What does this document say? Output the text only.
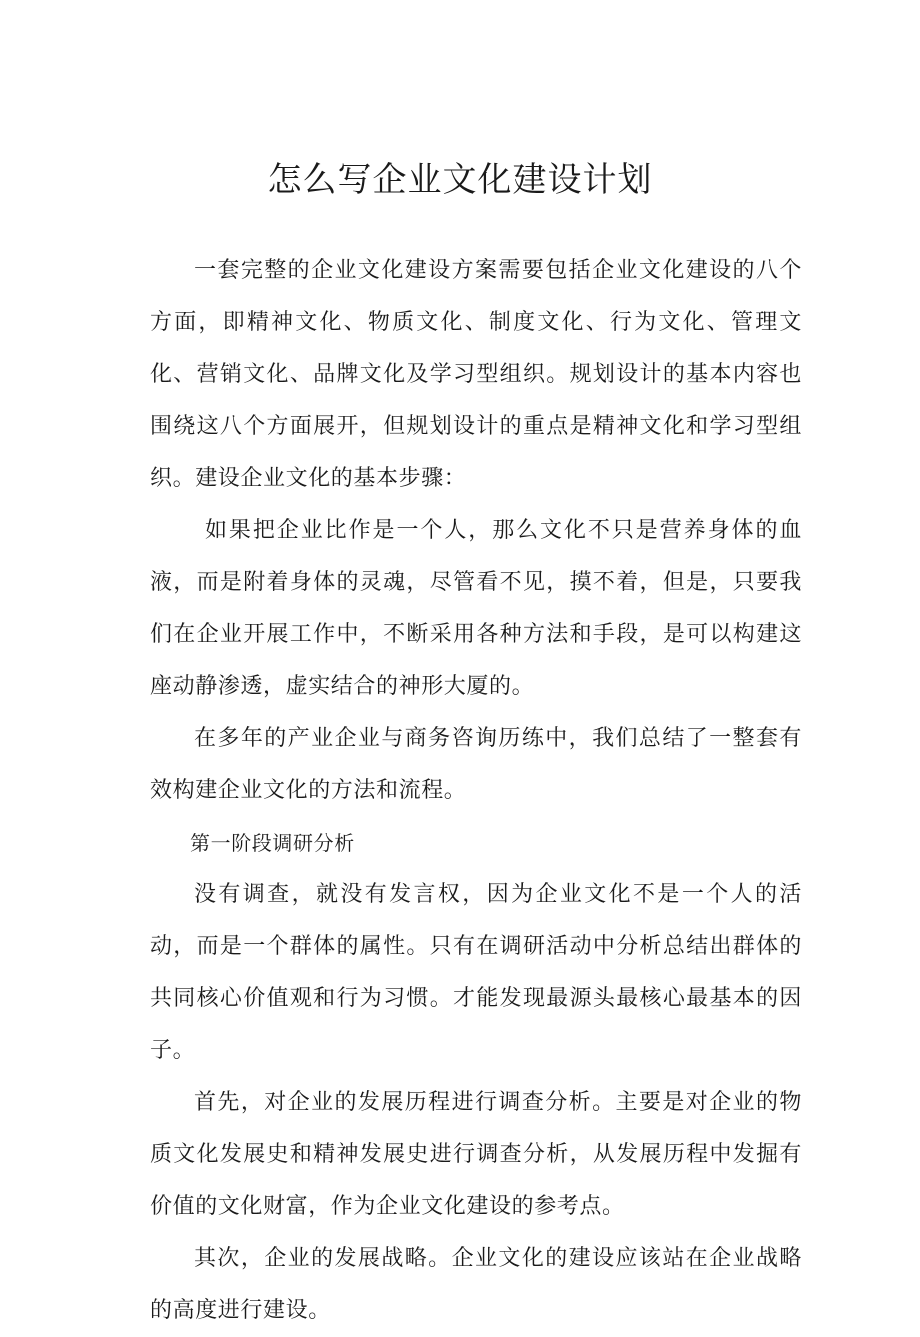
怎么写企业文化建设计划

一套完整的企业文化建设方案需要包括企业文化建设的八个方面，即精神文化、物质文化、制度文化、行为文化、管理文化、营销文化、品牌文化及学习型组织。规划设计的基本内容也围绕这八个方面展开，但规划设计的重点是精神文化和学习型组织。建设企业文化的基本步骤：

如果把企业比作是一个人，那么文化不只是营养身体的血液，而是附着身体的灵魂，尽管看不见，摸不着，但是，只要我们在企业开展工作中，不断采用各种方法和手段，是可以构建这座动静渗透，虚实结合的神形大厦的。

在多年的产业企业与商务咨询历练中，我们总结了一整套有效构建企业文化的方法和流程。

第一阶段调研分析

没有调查，就没有发言权，因为企业文化不是一个人的活动，而是一个群体的属性。只有在调研活动中分析总结出群体的共同核心价值观和行为习惯。才能发现最源头最核心最基本的因子。

首先，对企业的发展历程进行调查分析。主要是对企业的物质文化发展史和精神发展史进行调查分析，从发展历程中发掘有价值的文化财富，作为企业文化建设的参考点。

其次，企业的发展战略。企业文化的建设应该站在企业战略的高度进行建设。
